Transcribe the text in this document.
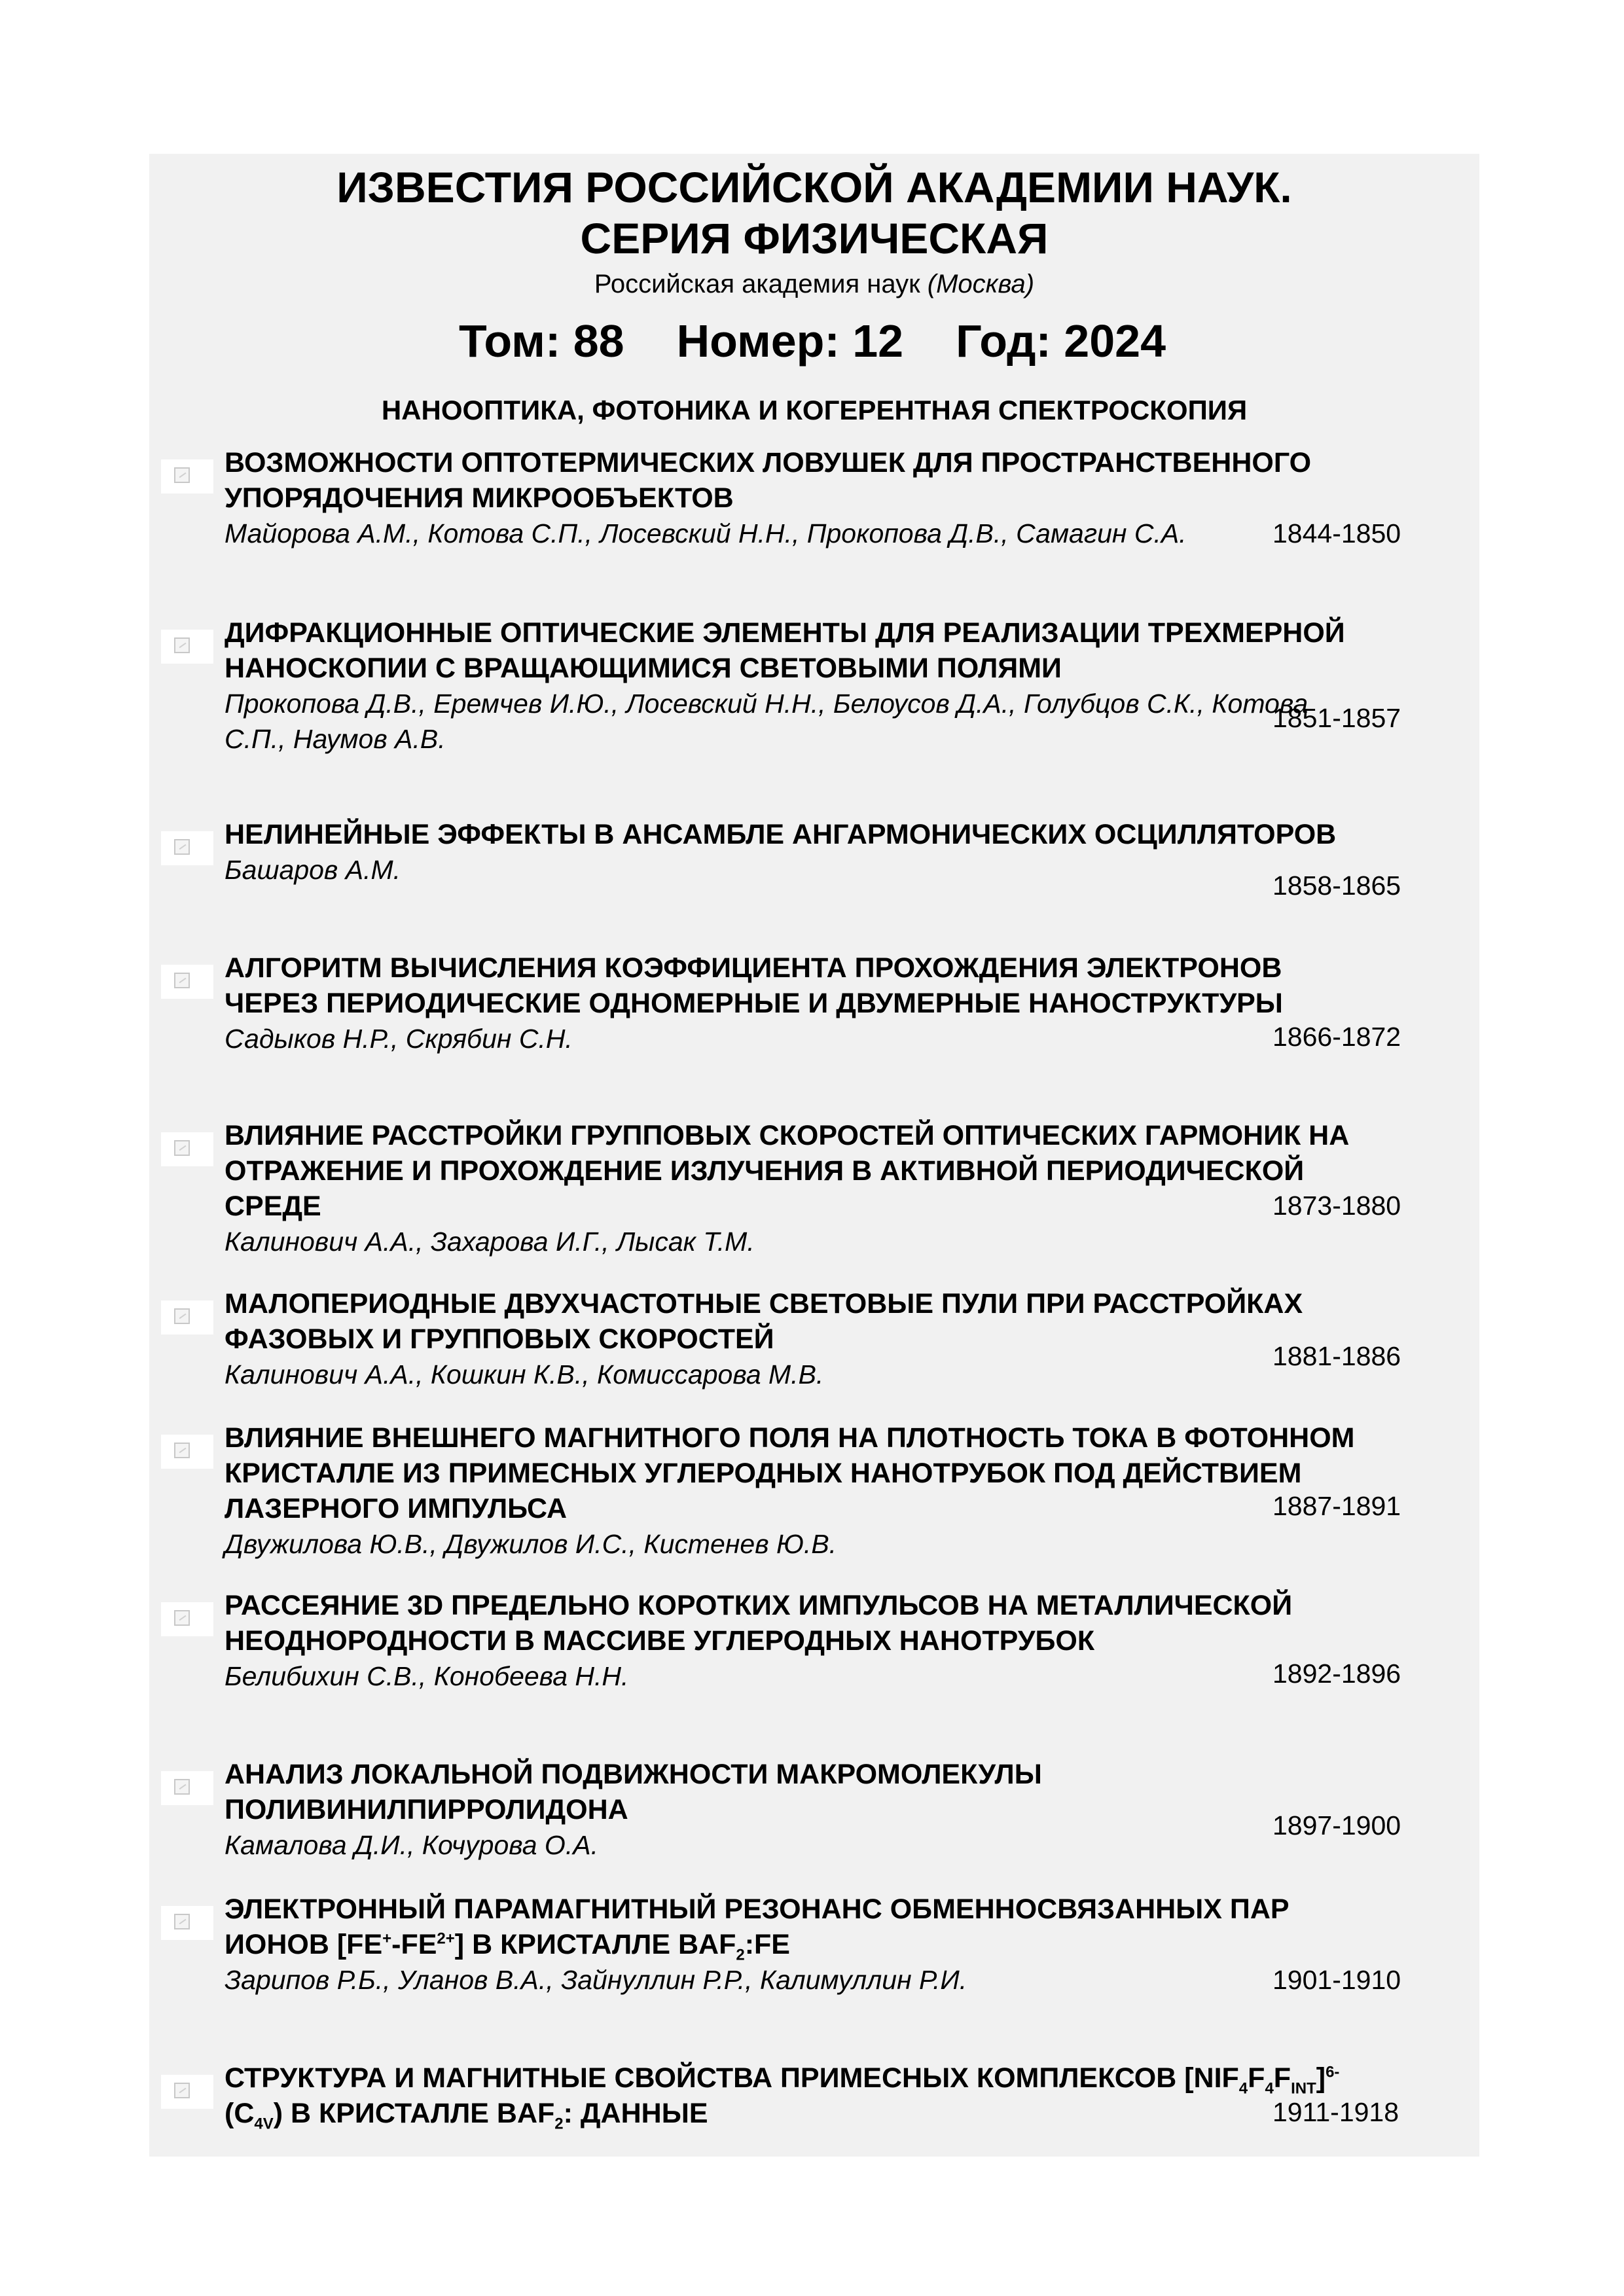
ИЗВЕСТИЯ РОССИЙСКОЙ АКАДЕМИИ НАУК.
СЕРИЯ ФИЗИЧЕСКАЯ
Российская академия наук (Москва)
Том: 88 Номер: 12 Год: 2024
НАНООПТИКА, ФОТОНИКА И КОГЕРЕНТНАЯ СПЕКТРОСКОПИЯ
ВОЗМОЖНОСТИ ОПТОТЕРМИЧЕСКИХ ЛОВУШЕК ДЛЯ ПРОСТРАНСТВЕННОГО УПОРЯДОЧЕНИЯ МИКРООБЪЕКТОВ
Майорова А.М., Котова С.П., Лосевский Н.Н., Прокопова Д.В., Самагин С.А.	1844-1850
ДИФРАКЦИОННЫЕ ОПТИЧЕСКИЕ ЭЛЕМЕНТЫ ДЛЯ РЕАЛИЗАЦИИ ТРЕХМЕРНОЙ НАНОСКОПИИ С ВРАЩАЮЩИМИСЯ СВЕТОВЫМИ ПОЛЯМИ
Прокопова Д.В., Еремчев И.Ю., Лосевский Н.Н., Белоусов Д.А., Голубцов С.К., Котова С.П., Наумов А.В.
1851-1857
НЕЛИНЕЙНЫЕ ЭФФЕКТЫ В АНСАМБЛЕ АНГАРМОНИЧЕСКИХ ОСЦИЛЛЯТОРОВ
Башаров А.М.
1858-1865
АЛГОРИТМ ВЫЧИСЛЕНИЯ КОЭФФИЦИЕНТА ПРОХОЖДЕНИЯ ЭЛЕКТРОНОВ ЧЕРЕЗ ПЕРИОДИЧЕСКИЕ ОДНОМЕРНЫЕ И ДВУМЕРНЫЕ НАНОСТРУКТУРЫ
Садыков Н.Р., Скрябин С.Н.	1866-1872
ВЛИЯНИЕ РАССТРОЙКИ ГРУППОВЫХ СКОРОСТЕЙ ОПТИЧЕСКИХ ГАРМОНИК НА ОТРАЖЕНИЕ И ПРОХОЖДЕНИЕ ИЗЛУЧЕНИЯ В АКТИВНОЙ ПЕРИОДИЧЕСКОЙ СРЕДЕ
Калинович А.А., Захарова И.Г., Лысак Т.М.
1873-1880
МАЛОПЕРИОДНЫЕ ДВУХЧАСТОТНЫЕ СВЕТОВЫЕ ПУЛИ ПРИ РАССТРОЙКАХ ФАЗОВЫХ И ГРУППОВЫХ СКОРОСТЕЙ
Калинович А.А., Кошкин К.В., Комиссарова М.В.
1881-1886
ВЛИЯНИЕ ВНЕШНЕГО МАГНИТНОГО ПОЛЯ НА ПЛОТНОСТЬ ТОКА В ФОТОННОМ КРИСТАЛЛЕ ИЗ ПРИМЕСНЫХ УГЛЕРОДНЫХ НАНОТРУБОК ПОД ДЕЙСТВИЕМ ЛАЗЕРНОГО ИМПУЛЬСА
Двужилова Ю.В., Двужилов И.С., Кистенев Ю.В.
1887-1891
РАССЕЯНИЕ 3D ПРЕДЕЛЬНО КОРОТКИХ ИМПУЛЬСОВ НА МЕТАЛЛИЧЕСКОЙ НЕОДНОРОДНОСТИ В МАССИВЕ УГЛЕРОДНЫХ НАНОТРУБОК
Белибихин С.В., Конобеева Н.Н.	1892-1896
АНАЛИЗ ЛОКАЛЬНОЙ ПОДВИЖНОСТИ МАКРОМОЛЕКУЛЫ ПОЛИВИНИЛПИРРОЛИДОНА
Камалова Д.И., Кочурова О.А.
1897-1900
ЭЛЕКТРОННЫЙ ПАРАМАГНИТНЫЙ РЕЗОНАНС ОБМЕННОСВЯЗАННЫХ ПАР ИОНОВ $[FE^+-FE^{2+}]$ В КРИСТАЛЛЕ $BAF_2:FE$
Зарипов Р.Б., Уланов В.А., Зайнуллин Р.Р., Калимуллин Р.И.	1901-1910
СТРУКТУРА И МАГНИТНЫЕ СВОЙСТВА ПРИМЕСНЫХ КОМПЛЕКСОВ $[NIF_4F_4F_{INT}]^{6-}(C_{4V})$ В КРИСТАЛЛЕ $BAF_2$: ДАННЫЕ	1911-1918
